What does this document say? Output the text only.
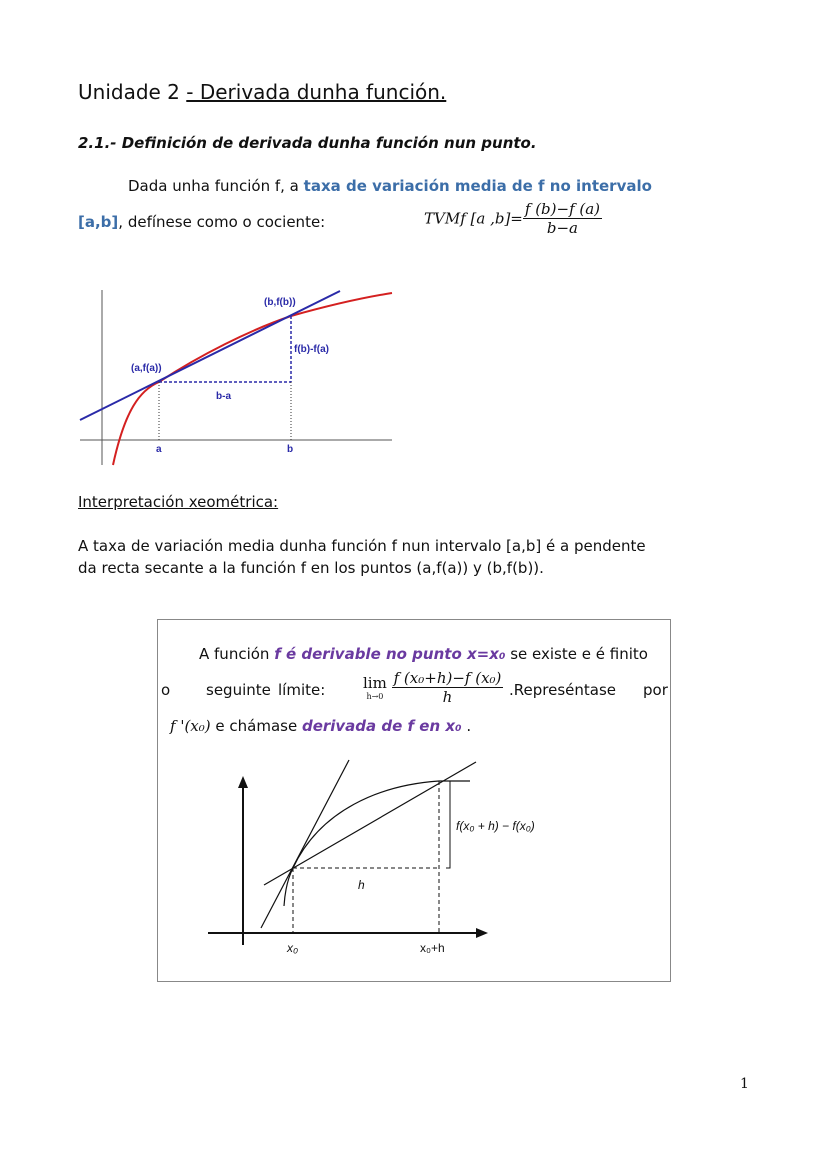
Unidade 2 - Derivada dunha función.
2.1.- Definición de derivada dunha función nun punto.
Dada unha función f, a taxa de variación media de f no intervalo
[a,b], defínese como o cociente:	TVMf [a $,b]= \frac{f (b)-f (a)}{b-a}$
(b,f(b))
f(b)-f(a)
(a,f(a))
b-a
a	b
Interpretación xeométrica:
A taxa de variación media dunha función f nun intervalo [a,b] é a pendente
da recta secante a la función f en los puntos (a,f(a)) y (b,f(b)).
A función f é derivable no punto x=x₀ se existe e é finito
o seguinte límite:	lim
h→0
$\frac{\text{f (x₀+h)−f (x₀)}}{h}$ .Represéntase por
f '(x₀) e chámase derivada de f en x₀ .
f(x₀ + h) − f(x₀)
h
x₀	x₀+h
1
